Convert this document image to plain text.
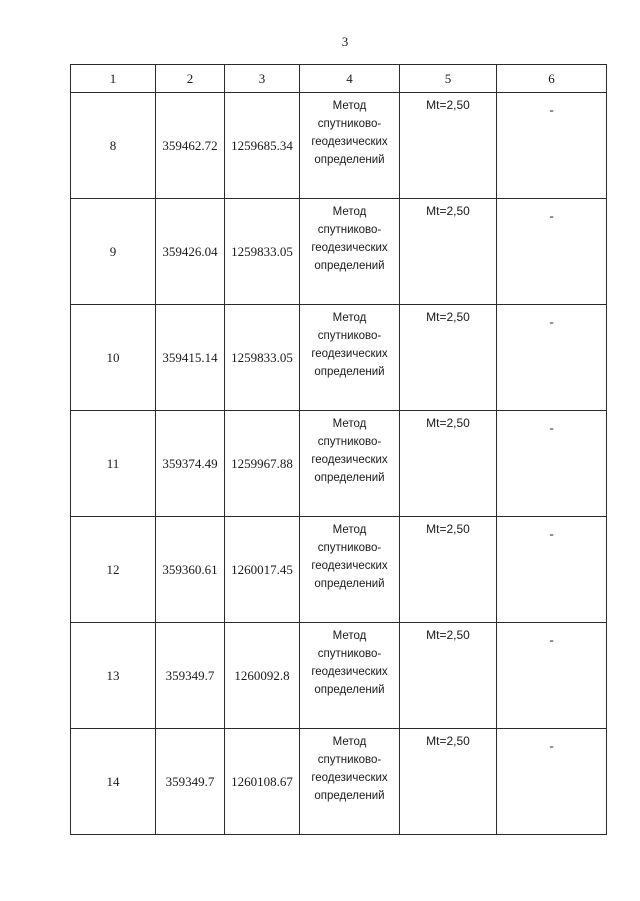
3
1	2	3	4	5	6
8	359462.72	1259685.34	Метод
спутниково-
геодезических
определений	Mt=2,50	-
9	359426.04	1259833.05	Метод
спутниково-
геодезических
определений	Mt=2,50	-
10	359415.14	1259833.05	Метод
спутниково-
геодезических
определений	Mt=2,50	-
11	359374.49	1259967.88	Метод
спутниково-
геодезических
определений	Mt=2,50	-
12	359360.61	1260017.45	Метод
спутниково-
геодезических
определений	Mt=2,50	-
13	359349.7	1260092.8	Метод
спутниково-
геодезических
определений	Mt=2,50	-
14	359349.7	1260108.67	Метод
спутниково-
геодезических
определений	Mt=2,50	-
